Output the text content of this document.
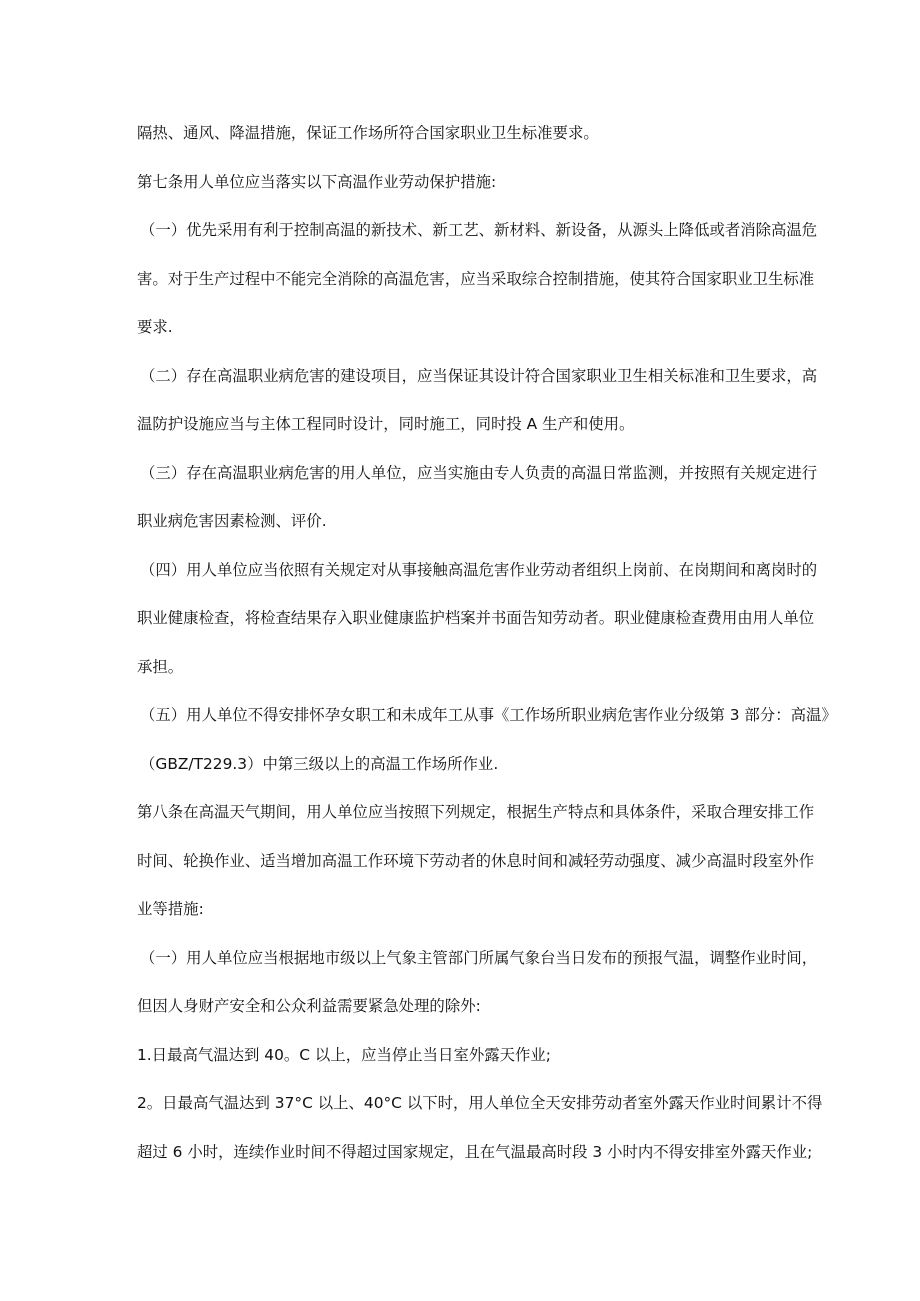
隔热、通风、降温措施，保证工作场所符合国家职业卫生标准要求。

第七条用人单位应当落实以下高温作业劳动保护措施:

（一）优先采用有利于控制高温的新技术、新工艺、新材料、新设备，从源头上降低或者消除高温危

害。对于生产过程中不能完全消除的高温危害，应当采取综合控制措施，使其符合国家职业卫生标准

要求.

（二）存在高温职业病危害的建设项目，应当保证其设计符合国家职业卫生相关标准和卫生要求，高

温防护设施应当与主体工程同时设计，同时施工，同时投 A 生产和使用。

（三）存在高温职业病危害的用人单位，应当实施由专人负责的高温日常监测，并按照有关规定进行

职业病危害因素检测、评价.

（四）用人单位应当依照有关规定对从事接触高温危害作业劳动者组织上岗前、在岗期间和离岗时的

职业健康检查，将检查结果存入职业健康监护档案并书面告知劳动者。职业健康检查费用由用人单位

承担。

（五）用人单位不得安排怀孕女职工和未成年工从事《工作场所职业病危害作业分级第 3 部分：高温》

（GBZ/T229.3）中第三级以上的高温工作场所作业.

第八条在高温天气期间，用人单位应当按照下列规定，根据生产特点和具体条件，采取合理安排工作

时间、轮换作业、适当增加高温工作环境下劳动者的休息时间和减轻劳动强度、减少高温时段室外作

业等措施:

（一）用人单位应当根据地市级以上气象主管部门所属气象台当日发布的预报气温，调整作业时间，

但因人身财产安全和公众利益需要紧急处理的除外:

1.日最高气温达到 40。C 以上，应当停止当日室外露天作业;

2。日最高气温达到 37°C 以上、40°C 以下时，用人单位全天安排劳动者室外露天作业时间累计不得

超过 6 小时，连续作业时间不得超过国家规定，且在气温最高时段 3 小时内不得安排室外露天作业;
